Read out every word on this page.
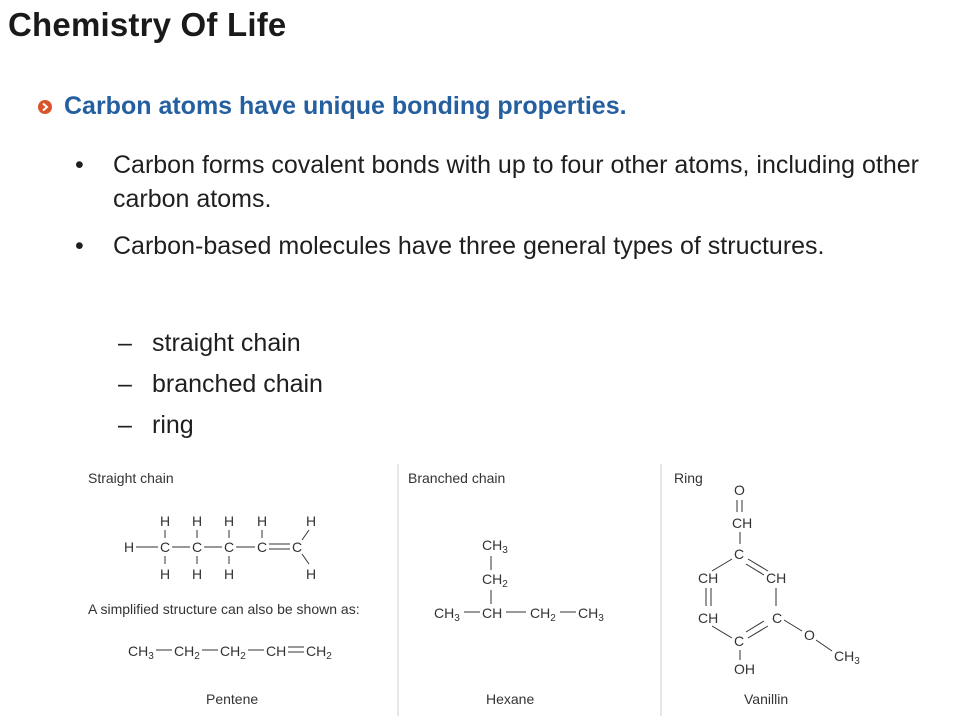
Chemistry Of Life
Carbon atoms have unique bonding properties.
• Carbon forms covalent bonds with up to four other atoms, including other carbon atoms.
• Carbon-based molecules have three general types of structures.
– straight chain
– branched chain
– ring
Straight chain	Branched chain	Ring
H H H H	H
H C C C C C
H H H	H
A simplified structure can also be shown as:
$CH_3$ $CH_2$ $CH_2$ CH $CH_2$
Pentene
$CH_3$
$CH_2$
$CH_3$ CH $CH_2$ $CH_3$
Hexane
O
CH
C
CH	CH
CH	C
C
OH
O
$CH_3$
Vanillin
